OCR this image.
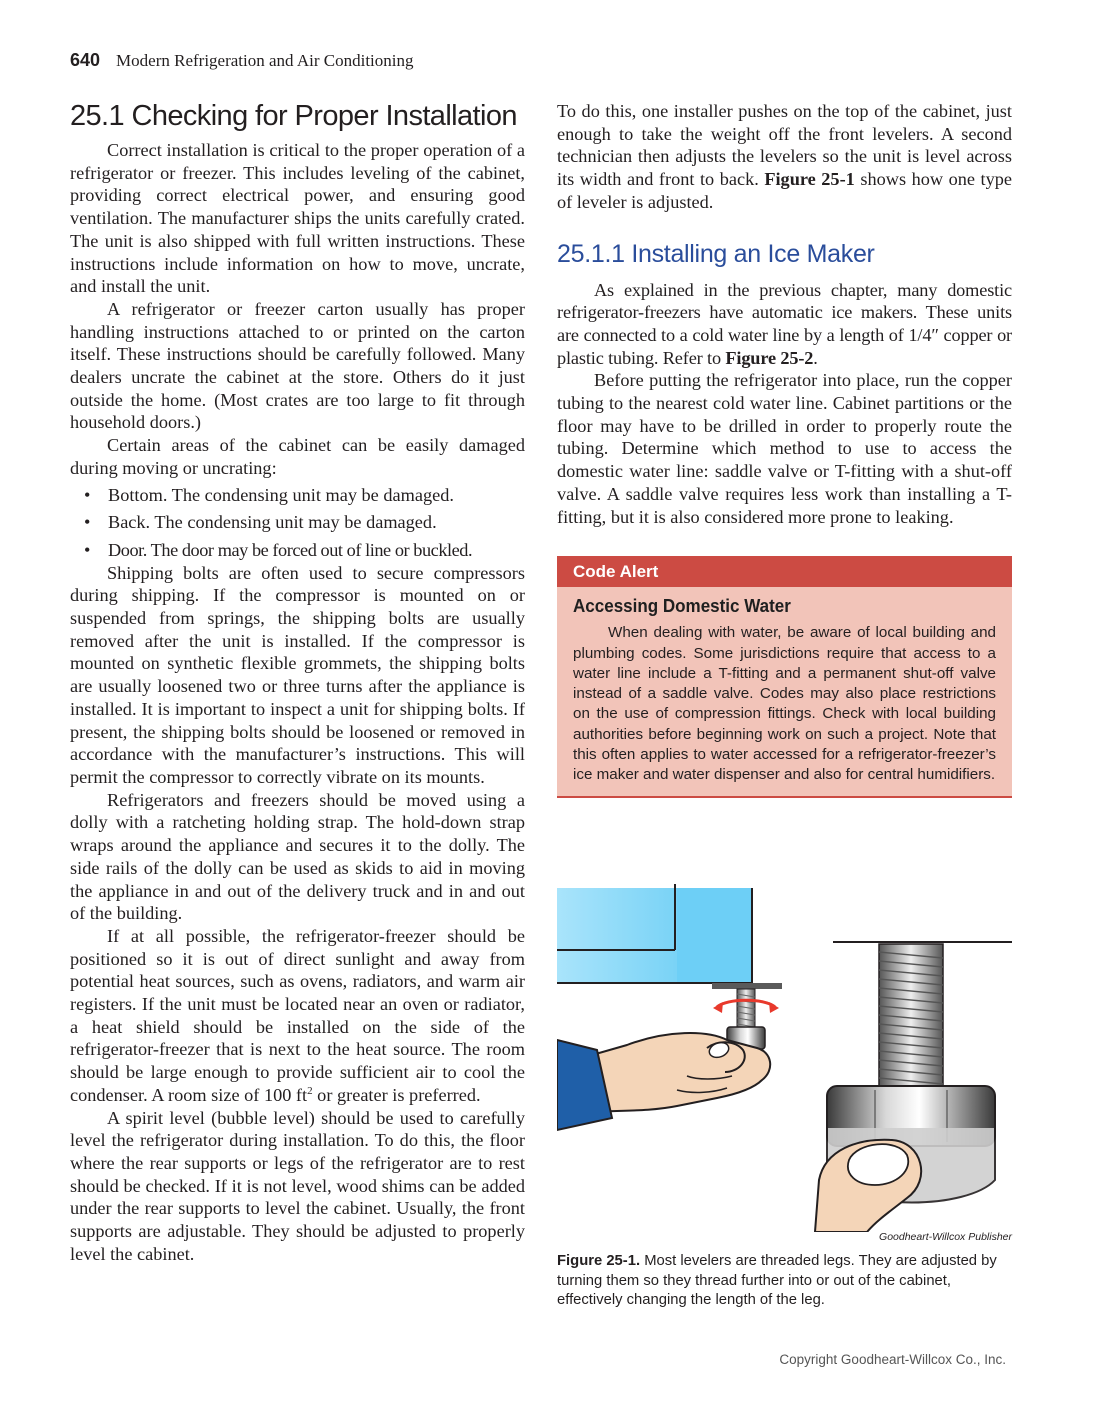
640 Modern Refrigeration and Air Conditioning
25.1 Checking for Proper Installation

Correct installation is critical to the proper operation of a refrigerator or freezer. This includes leveling of the cabinet, providing correct electrical power, and ensuring good ventilation. The manufacturer ships the units carefully crated. The unit is also shipped with full written instructions. These instructions include information on how to move, uncrate, and install the unit.

A refrigerator or freezer carton usually has proper handling instructions attached to or printed on the carton itself. These instructions should be carefully followed. Many dealers uncrate the cabinet at the store. Others do it just outside the home. (Most crates are too large to fit through household doors.)

Certain areas of the cabinet can be easily damaged during moving or uncrating:

• Bottom. The condensing unit may be damaged.
• Back. The condensing unit may be damaged.
• Door. The door may be forced out of line or buckled.

Shipping bolts are often used to secure compressors during shipping. If the compressor is mounted on or suspended from springs, the shipping bolts are usually removed after the unit is installed. If the compressor is mounted on synthetic flexible grommets, the shipping bolts are usually loosened two or three turns after the appliance is installed. It is important to inspect a unit for shipping bolts. If present, the shipping bolts should be loosened or removed in accordance with the manufacturer’s instructions. This will permit the compressor to correctly vibrate on its mounts.

Refrigerators and freezers should be moved using a dolly with a ratcheting holding strap. The hold-down strap wraps around the appliance and secures it to the dolly. The side rails of the dolly can be used as skids to aid in moving the appliance in and out of the delivery truck and in and out of the building.

If at all possible, the refrigerator-freezer should be positioned so it is out of direct sunlight and away from potential heat sources, such as ovens, radiators, and warm air registers. If the unit must be located near an oven or radiator, a heat shield should be installed on the side of the refrigerator-freezer that is next to the heat source. The room should be large enough to provide sufficient air to cool the condenser. A room size of 100 $ft^2$ or greater is preferred.

A spirit level (bubble level) should be used to carefully level the refrigerator during installation. To do this, the floor where the rear supports or legs of the refrigerator are to rest should be checked. If it is not level, wood shims can be added under the rear supports to level the cabinet. Usually, the front supports are adjustable. They should be adjusted to properly level the cabinet.

To do this, one installer pushes on the top of the cabinet, just enough to take the weight off the front levelers. A second technician then adjusts the levelers so the unit is level across its width and front to back. Figure 25-1 shows how one type of leveler is adjusted.

25.1.1 Installing an Ice Maker

As explained in the previous chapter, many domestic refrigerator-freezers have automatic ice makers. These units are connected to a cold water line by a length of 1/4″ copper or plastic tubing. Refer to Figure 25-2.

Before putting the refrigerator into place, run the copper tubing to the nearest cold water line. Cabinet partitions or the floor may have to be drilled in order to properly route the tubing. Determine which method to use to access the domestic water line: saddle valve or T-fitting with a shut-off valve. A saddle valve requires less work than installing a T-fitting, but it is also considered more prone to leaking.

Code Alert
Accessing Domestic Water

When dealing with water, be aware of local building and plumbing codes. Some jurisdictions require that access to a water line include a T-fitting and a permanent shut-off valve instead of a saddle valve. Codes may also place restrictions on the use of compression fittings. Check with local building authorities before beginning work on such a project. Note that this often applies to water accessed for a refrigerator-freezer’s ice maker and water dispenser and also for central humidifiers.

Goodheart-Willcox Publisher
Figure 25-1. Most levelers are threaded legs. They are adjusted by turning them so they thread further into or out of the cabinet, effectively changing the length of the leg.
Copyright Goodheart-Willcox Co., Inc.
